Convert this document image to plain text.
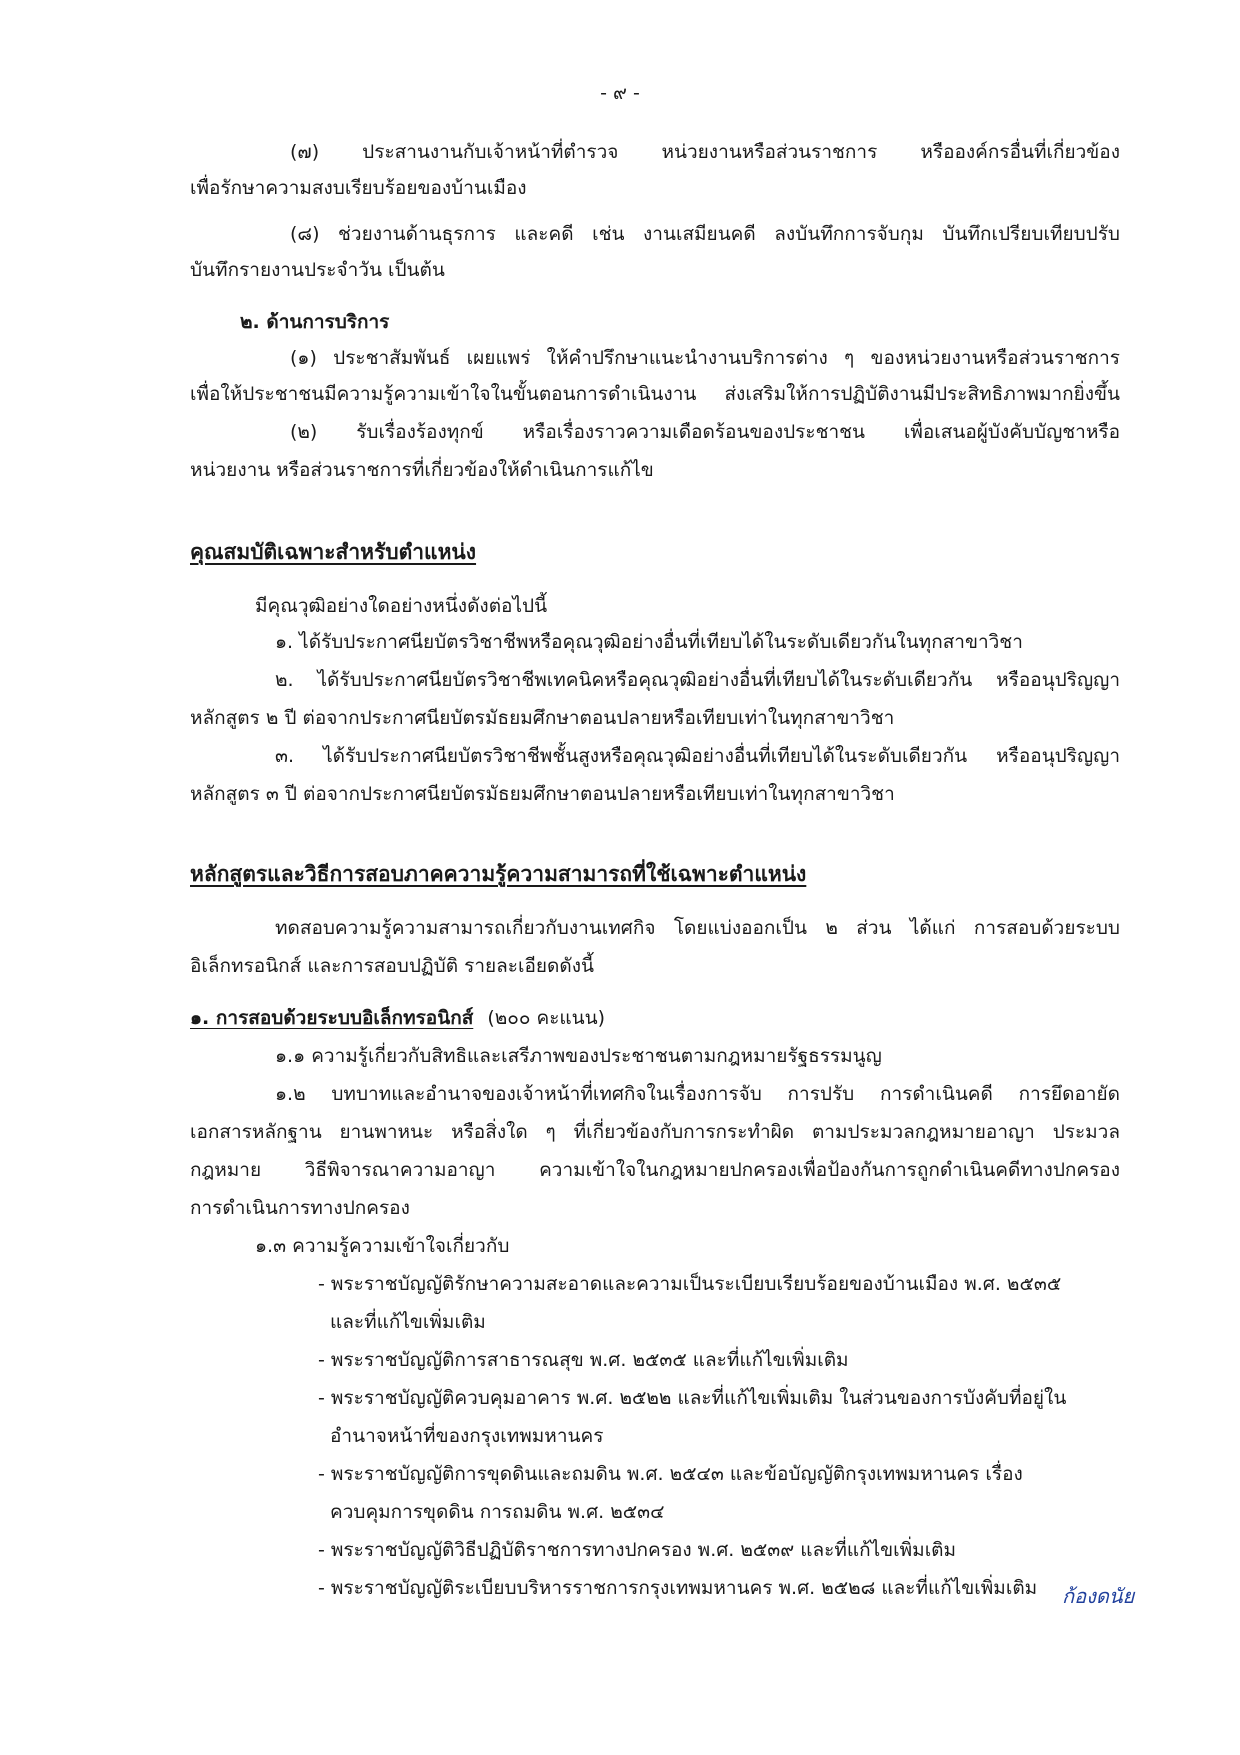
- ๙ -
(๗) ประสานงานกับเจ้าหน้าที่ตำรวจ หน่วยงานหรือส่วนราชการ หรือองค์กรอื่นที่เกี่ยวข้อง
เพื่อรักษาความสงบเรียบร้อยของบ้านเมือง
(๘) ช่วยงานด้านธุรการ และคดี เช่น งานเสมียนคดี ลงบันทึกการจับกุม บันทึกเปรียบเทียบปรับ
บันทึกรายงานประจำวัน เป็นต้น
๒. ด้านการบริการ
(๑) ประชาสัมพันธ์ เผยแพร่ ให้คำปรึกษาแนะนำงานบริการต่าง ๆ ของหน่วยงานหรือส่วนราชการ
เพื่อให้ประชาชนมีความรู้ความเข้าใจในขั้นตอนการดำเนินงาน ส่งเสริมให้การปฏิบัติงานมีประสิทธิภาพมากยิ่งขึ้น
(๒) รับเรื่องร้องทุกข์ หรือเรื่องราวความเดือดร้อนของประชาชน เพื่อเสนอผู้บังคับบัญชาหรือ
หน่วยงาน หรือส่วนราชการที่เกี่ยวข้องให้ดำเนินการแก้ไข
คุณสมบัติเฉพาะสำหรับตำแหน่ง
มีคุณวุฒิอย่างใดอย่างหนึ่งดังต่อไปนี้
๑. ได้รับประกาศนียบัตรวิชาชีพหรือคุณวุฒิอย่างอื่นที่เทียบได้ในระดับเดียวกันในทุกสาขาวิชา
๒. ได้รับประกาศนียบัตรวิชาชีพเทคนิคหรือคุณวุฒิอย่างอื่นที่เทียบได้ในระดับเดียวกัน หรืออนุปริญญา
หลักสูตร ๒ ปี ต่อจากประกาศนียบัตรมัธยมศึกษาตอนปลายหรือเทียบเท่าในทุกสาขาวิชา
๓. ได้รับประกาศนียบัตรวิชาชีพชั้นสูงหรือคุณวุฒิอย่างอื่นที่เทียบได้ในระดับเดียวกัน หรืออนุปริญญา
หลักสูตร ๓ ปี ต่อจากประกาศนียบัตรมัธยมศึกษาตอนปลายหรือเทียบเท่าในทุกสาขาวิชา
หลักสูตรและวิธีการสอบภาคความรู้ความสามารถที่ใช้เฉพาะตำแหน่ง
ทดสอบความรู้ความสามารถเกี่ยวกับงานเทศกิจ โดยแบ่งออกเป็น ๒ ส่วน ได้แก่ การสอบด้วยระบบ
อิเล็กทรอนิกส์ และการสอบปฏิบัติ รายละเอียดดังนี้
๑. การสอบด้วยระบบอิเล็กทรอนิกส์ (๒๐๐ คะแนน)
๑.๑ ความรู้เกี่ยวกับสิทธิและเสรีภาพของประชาชนตามกฎหมายรัฐธรรมนูญ
๑.๒ บทบาทและอำนาจของเจ้าหน้าที่เทศกิจในเรื่องการจับ การปรับ การดำเนินคดี การยึดอายัด
เอกสารหลักฐาน ยานพาหนะ หรือสิ่งใด ๆ ที่เกี่ยวข้องกับการกระทำผิด ตามประมวลกฎหมายอาญา ประมวล
กฎหมาย วิธีพิจารณาความอาญา ความเข้าใจในกฎหมายปกครองเพื่อป้องกันการถูกดำเนินคดีทางปกครอง
การดำเนินการทางปกครอง
๑.๓ ความรู้ความเข้าใจเกี่ยวกับ
- พระราชบัญญัติรักษาความสะอาดและความเป็นระเบียบเรียบร้อยของบ้านเมือง พ.ศ. ๒๕๓๕
และที่แก้ไขเพิ่มเติม
- พระราชบัญญัติการสาธารณสุข พ.ศ. ๒๕๓๕ และที่แก้ไขเพิ่มเติม
- พระราชบัญญัติควบคุมอาคาร พ.ศ. ๒๕๒๒ และที่แก้ไขเพิ่มเติม ในส่วนของการบังคับที่อยู่ใน
อำนาจหน้าที่ของกรุงเทพมหานคร
- พระราชบัญญัติการขุดดินและถมดิน พ.ศ. ๒๕๔๓ และข้อบัญญัติกรุงเทพมหานคร เรื่อง
ควบคุมการขุดดิน การถมดิน พ.ศ. ๒๕๓๔
- พระราชบัญญัติวิธีปฏิบัติราชการทางปกครอง พ.ศ. ๒๕๓๙ และที่แก้ไขเพิ่มเติม
- พระราชบัญญัติระเบียบบริหารราชการกรุงเทพมหานคร พ.ศ. ๒๕๒๘ และที่แก้ไขเพิ่มเติม ก้องดนัย
